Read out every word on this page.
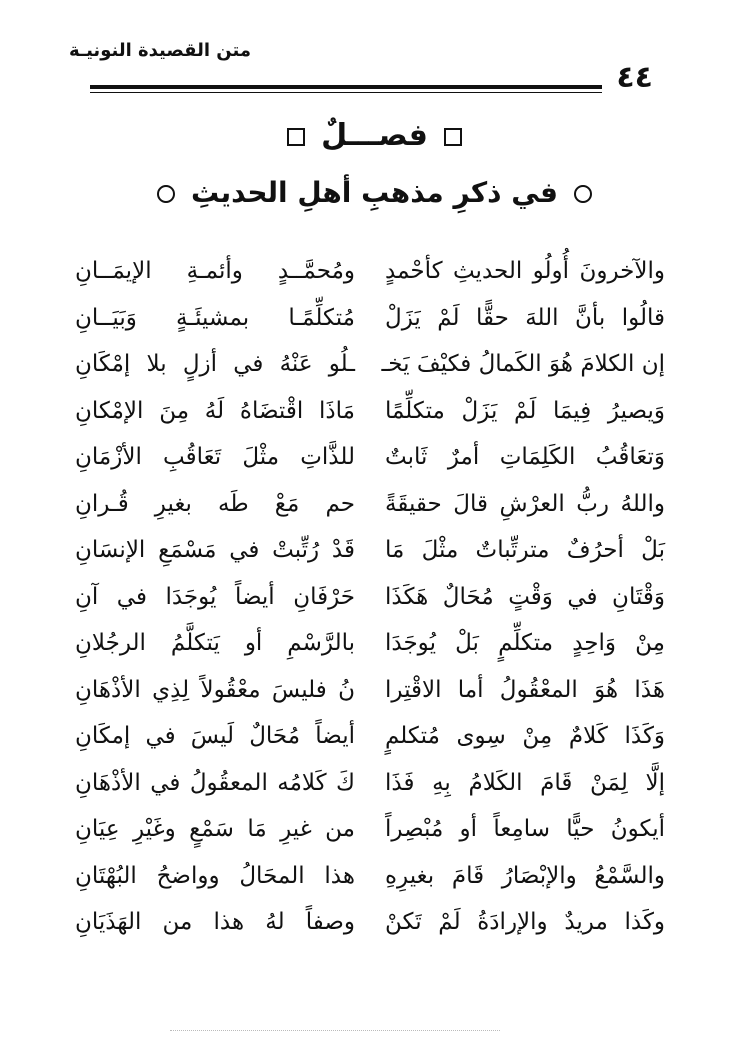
متن القصيدة النونيـة
٤٤
فصـــلٌ
في ذكرِ مذهبِ أهلِ الحديثِ
والآخرونَ أُولُو الحديثِ كأحْمدٍ
ومُحمَّــدٍ وأئمـةِ الإيمَــانِ
قالُوا بأنَّ اللهَ حقًّا لَمْ يَزَلْ
مُتكلِّمًـا بمشيئَـةٍ وَبَيَــانِ
إن الكلامَ هُوَ الكَمالُ فكيْفَ يَخـ
ـلُو عَنْهُ في أزلٍ بلا إمْكَانِ
وَيصيرُ فِيمَا لَمْ يَزَلْ متكلِّمًا
مَاذَا اقْتضَاهُ لَهُ مِنَ الإمْكانِ
وَتعَاقُبُ الكَلِمَاتِ أمرٌ ثَابتٌ
للذَّاتِ مثْلَ تَعَاقُبِ الأزْمَانِ
واللهُ ربُّ العرْشِ قالَ حقيقَةً
حم مَعْ طَه بغيرِ قُـرانِ
بَلْ أحرُفٌ مترتِّباتٌ مثْلَ مَا
قَدْ رُتِّبتْ في مَسْمَعِ الإنسَانِ
وَقْتَانِ في وَقْتٍ مُحَالٌ هَكَذَا
حَرْفَانِ أيضاً يُوجَدَا في آنِ
مِنْ وَاحِدٍ متكلِّمٍ بَلْ يُوجَدَا
بالرَّسْمِ أو يَتكلَّمُ الرجُلانِ
هَذَا هُوَ المعْقُولُ أما الاقْتِرا
نُ فليسَ معْقُولاً لِذِي الأذْهَانِ
وَكَذَا كَلامٌ مِنْ سِوى مُتكلمٍ
أيضاً مُحَالٌ لَيسَ في إمكَانِ
إلَّا لِمَنْ قَامَ الكَلامُ بِهِ فَذَا
كَ كَلامُه المعقُولُ في الأذْهَانِ
أيكونُ حيًّا سامِعاً أو مُبْصِراً
من غيرِ مَا سَمْعٍ وغَيْرِ عِيَانِ
والسَّمْعُ والإبْصَارُ قَامَ بغيرِهِ
هذا المحَالُ وواضحُ البُهْتَانِ
وكَذا مريدٌ والإرادَةُ لَمْ تَكنْ
وصفاً لهُ هذا من الهَذَيَانِ
